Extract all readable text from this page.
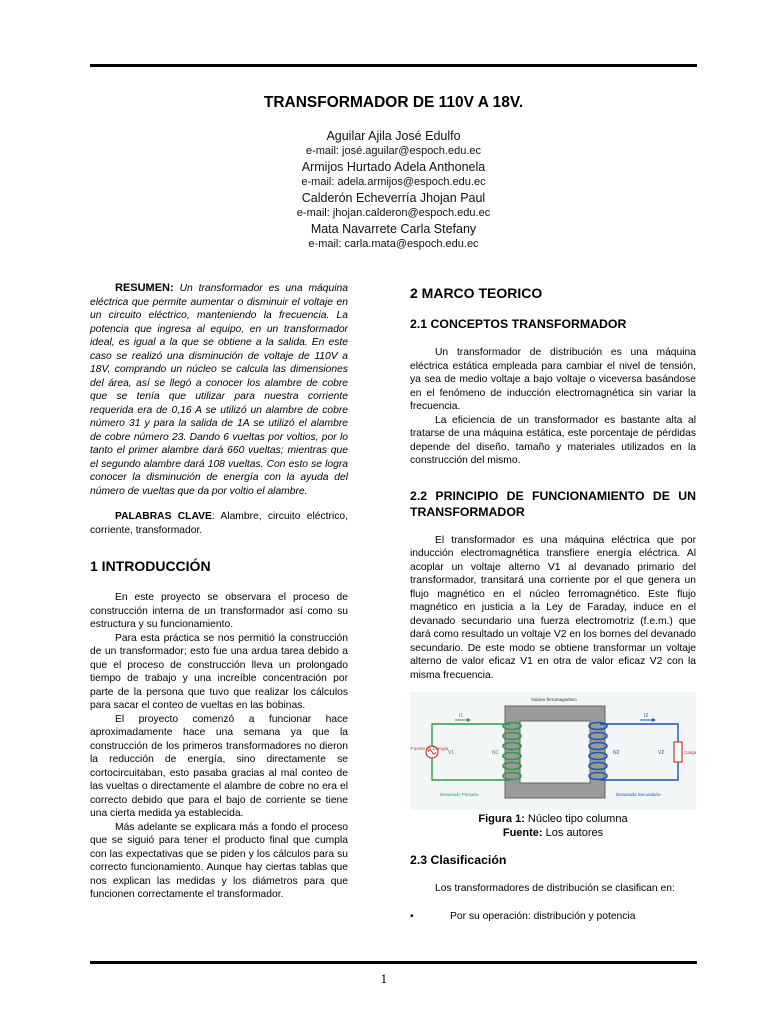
TRANSFORMADOR DE 110V A 18V.
Aguilar Ajila José Edulfo
e-mail: josé.aguilar@espoch.edu.ec
Armijos Hurtado Adela Anthonela
e-mail: adela.armijos@espoch.edu.ec
Calderón Echeverría Jhojan Paul
e-mail: jhojan.calderon@espoch.edu.ec
Mata Navarrete Carla Stefany
e-mail: carla.mata@espoch.edu.ec

RESUMEN: Un transformador es una máquina eléctrica que permite aumentar o disminuir el voltaje en un circuito eléctrico, manteniendo la frecuencia. La potencia que ingresa al equipo, en un transformador ideal, es igual a la que se obtiene a la salida. En este caso se realizó una disminución de voltaje de 110V a 18V, comprando un núcleo se calcula las dimensiones del área, así se llegó a conocer los alambre de cobre que se tenía que utilizar para nuestra corriente requerida era de 0,16 A se utilizó un alambre de cobre número 31 y para la salida de 1A se utilizó el alambre de cobre número 23. Dando 6 vueltas por voltios, por lo tanto el primer alambre dará 660 vueltas; mientras que el segundo alambre dará 108 vueltas. Con esto se logra conocer la disminución de energía con la ayuda del número de vueltas que da por voltio el alambre.

PALABRAS CLAVE: Alambre, circuito eléctrico, corriente, transformador.

1 INTRODUCCIÓN

En este proyecto se observara el proceso de construcción interna de un transformador así como su estructura y su funcionamiento.

Para esta práctica se nos permitió la construcción de un transformador; esto fue una ardua tarea debido a que el proceso de construcción lleva un prolongado tiempo de trabajo y una increíble concentración por parte de la persona que tuvo que realizar los cálculos para sacar el conteo de vueltas en las bobinas.

El proyecto comenzó a funcionar hace aproximadamente hace una semana ya que la construcción de los primeros transformadores no dieron la reducción de energía, sino directamente se cortocircuitaban, esto pasaba gracias al mal conteo de las vueltas o directamente el alambre de cobre no era el correcto debido que para el bajo de corriente se tiene una cierta medida ya establecida.

Más adelante se explicara más a fondo el proceso que se siguió para tener el producto final que cumpla con las expectativas que se piden y los cálculos para su correcto funcionamiento. Aunque hay ciertas tablas que nos explican las medidas y los diámetros para que funcionen correctamente el transformador.

2 MARCO TEORICO
2.1 CONCEPTOS TRANSFORMADOR

Un transformador de distribución es una máquina eléctrica estática empleada para cambiar el nivel de tensión, ya sea de medio voltaje a bajo voltaje o viceversa basándose en el fenómeno de inducción electromagnética sin variar la frecuencia.

La eficiencia de un transformador es bastante alta al tratarse de una máquina estática, este porcentaje de pérdidas depende del diseño, tamaño y materiales utilizados en la construcción del mismo.

2.2 PRINCIPIO DE FUNCIONAMIENTO DE UN TRANSFORMADOR

El transformador es una máquina eléctrica que por inducción electromagnética transfiere energía eléctrica. Al acoplar un voltaje alterno V1 al devanado primario del transformador, transitará una corriente por el que genera un flujo magnético en el núcleo ferromagnético. Este flujo magnético en justicia a la Ley de Faraday, induce en el devanado secundario una fuerza electromotriz (f.e.m.) que dará como resultado un voltaje V2 en los bornes del devanado secundario. De este modo se obtiene transformar un voltaje alterno de valor eficaz V1 en otra de valor eficaz V2 con la misma frecuencia.

Núcleo ferromagnético
I1
V1	N1
Fuente de Energía
Devanado Primario
I2
V2
N2	Carga
Devanado Secundario
Figura 1: Núcleo tipo columna
Fuente: Los autores
2.3 Clasificación

Los transformadores de distribución se clasifican en:

•	Por su operación: distribución y potencia
1
